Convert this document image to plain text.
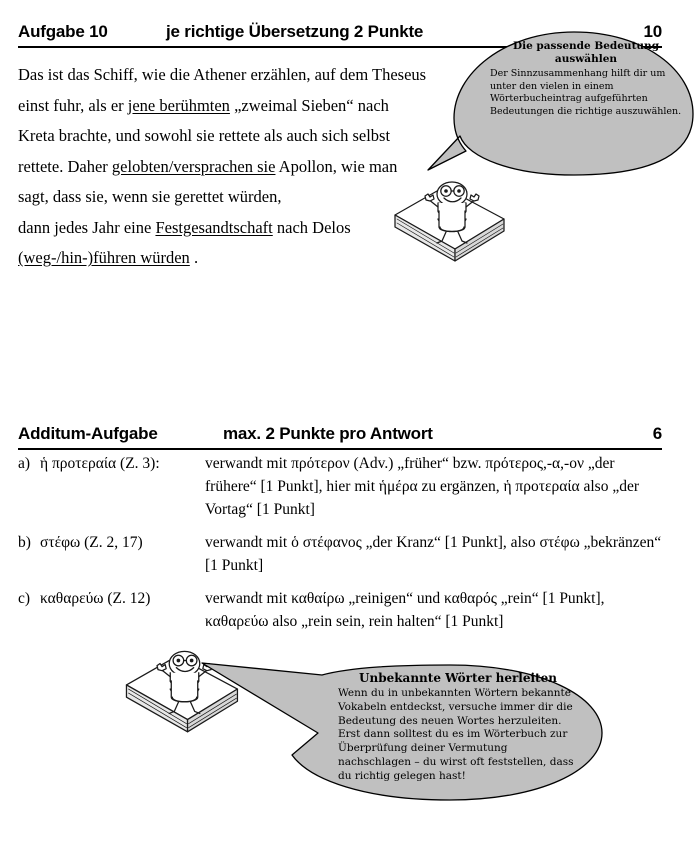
Aufgabe 10	je richtige Übersetzung 2 Punkte	10
Das ist das Schiff, wie die Athener erzählen, auf dem Theseus
einst fuhr, als er jene berühmten „zweimal Sieben“ nach
Kreta brachte, und sowohl sie rettete als auch sich selbst
rettete. Daher gelobten/versprachen sie Apollon, wie man
sagt, dass sie, wenn sie gerettet würden,
dann jedes Jahr eine Festgesandtschaft nach Delos
(weg-/hin-)führen würden .
Die passende Bedeutung auswählen
Der Sinnzusammenhang hilft dir um unter den vielen in einem Wörterbucheintrag aufgeführten Bedeutungen die richtige auszuwählen.
Additum-Aufgabe	max. 2 Punkte pro Antwort	6
a) ἡ προτεραία (Z. 3):	verwandt mit πρότερον (Adv.) „früher“ bzw. πρότερος,-α,-ον „der frühere“ [1 Punkt], hier mit ἡμέρα zu ergänzen, ἡ προτεραία also „der Vortag“ [1 Punkt]
b) στέφω (Z. 2, 17)	verwandt mit ὁ στέφανος „der Kranz“ [1 Punkt], also στέφω „bekränzen“ [1 Punkt]
c) καθαρεύω (Z. 12)	verwandt mit καθαίρω „reinigen“ und καθαρός „rein“ [1 Punkt], καθαρεύω also „rein sein, rein halten“ [1 Punkt]
Unbekannte Wörter herleiten
Wenn du in unbekannten Wörtern bekannte Vokabeln entdeckst, versuche immer dir die Bedeutung des neuen Wortes herzuleiten. Erst dann solltest du es im Wörterbuch zur Überprüfung deiner Vermutung nachschlagen – du wirst oft feststellen, dass du richtig gelegen hast!
